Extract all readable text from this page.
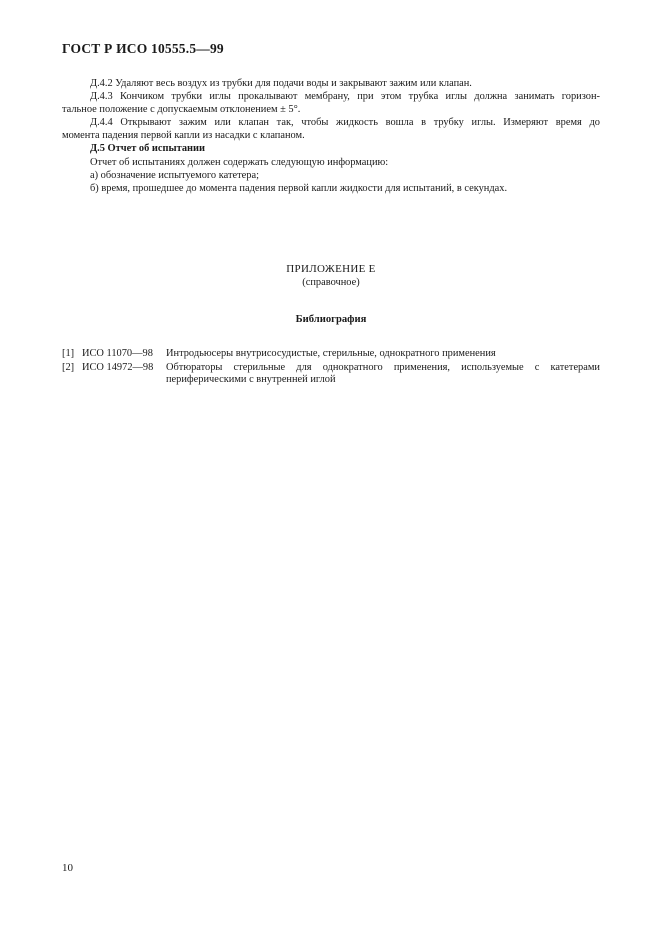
ГОСТ Р ИСО 10555.5—99

Д.4.2 Удаляют весь воздух из трубки для подачи воды и закрывают зажим или клапан.

Д.4.3 Кончиком трубки иглы прокалывают мембрану, при этом трубка иглы должна занимать горизон-

тальное положение с допускаемым отклонением ± 5°.

Д.4.4 Открывают зажим или клапан так, чтобы жидкость вошла в трубку иглы. Измеряют время до

момента падения первой капли из насадки с клапаном.

Д.5 Отчет об испытании

Отчет об испытаниях должен содержать следующую информацию:

а) обозначение испытуемого катетера;

б) время, прошедшее до момента падения первой капли жидкости для испытаний, в секундах.

ПРИЛОЖЕНИЕ Е
(справочное)
Библиография
[1] ИСО 11070—98	Интродьюсеры внутрисосудистые, стерильные, однократного применения
[2] ИСО 14972—98	Обтюраторы стерильные для однократного применения, используемые с катетерами периферическими с внутренней иглой
10
